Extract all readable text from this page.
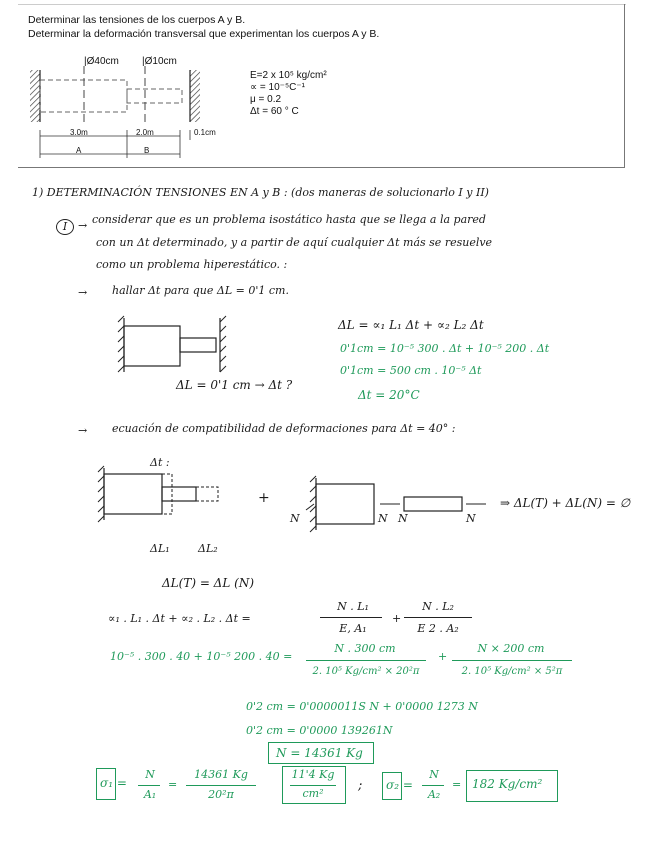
Determinar las tensiones de los cuerpos A y B.
Determinar la deformación transversal que experimentan los cuerpos A y B.
|Ø40cm |Ø10cm
3.0m	2.0m	0.1cm
A	B
E=2 x 10⁵ kg/cm²
∝ = 10⁻⁵C⁻¹
μ = 0.2
Δt = 60 ° C
1) DETERMINACIÓN TENSIONES EN A y B : (dos maneras de solucionarlo I y II)
I → considerar que es un problema isostático hasta que se llega a la pared
con un Δt determinado, y a partir de aquí cualquier Δt más se resuelve
como un problema hiperestático. :
→ hallar Δt para que ΔL = 0'1 cm.
ΔL = 0'1 cm → Δt ?
ΔL = ∝₁ L₁ Δt + ∝₂ L₂ Δt
0'1cm = 10⁻⁵ 300 . Δt + 10⁻⁵ 200 . Δt
0'1cm = 500 cm . 10⁻⁵ Δt
Δt = 20°C
→ ecuación de compatibilidad de deformaciones para Δt = 40° :
Δt :
ΔL₁	ΔL₂
+
N	N N	N
⇒ ΔL(T) + ΔL(N) = ∅
ΔL(T) = ΔL (N)
∝₁ . L₁ . Δt + ∝₂ . L₂ . Δt =
N . L₁
E, A₁
+
N . L₂
E 2 . A₂
10⁻⁵ . 300 . 40 + 10⁻⁵ 200 . 40 =
N . 300 cm
2. 10⁵ Kg/cm² × 20²π
+
N × 200 cm
2. 10⁵ Kg/cm² × 5²π
0'2 cm = 0'0000011S N + 0'0000 1273 N
0'2 cm = 0'0000 139261N
N = 14361 Kg
σ₁ =
N
A₁
=
14361 Kg
20²π
11'4 Kg
cm²
; σ₂ =
N
A₂
= 182 Kg/cm²
